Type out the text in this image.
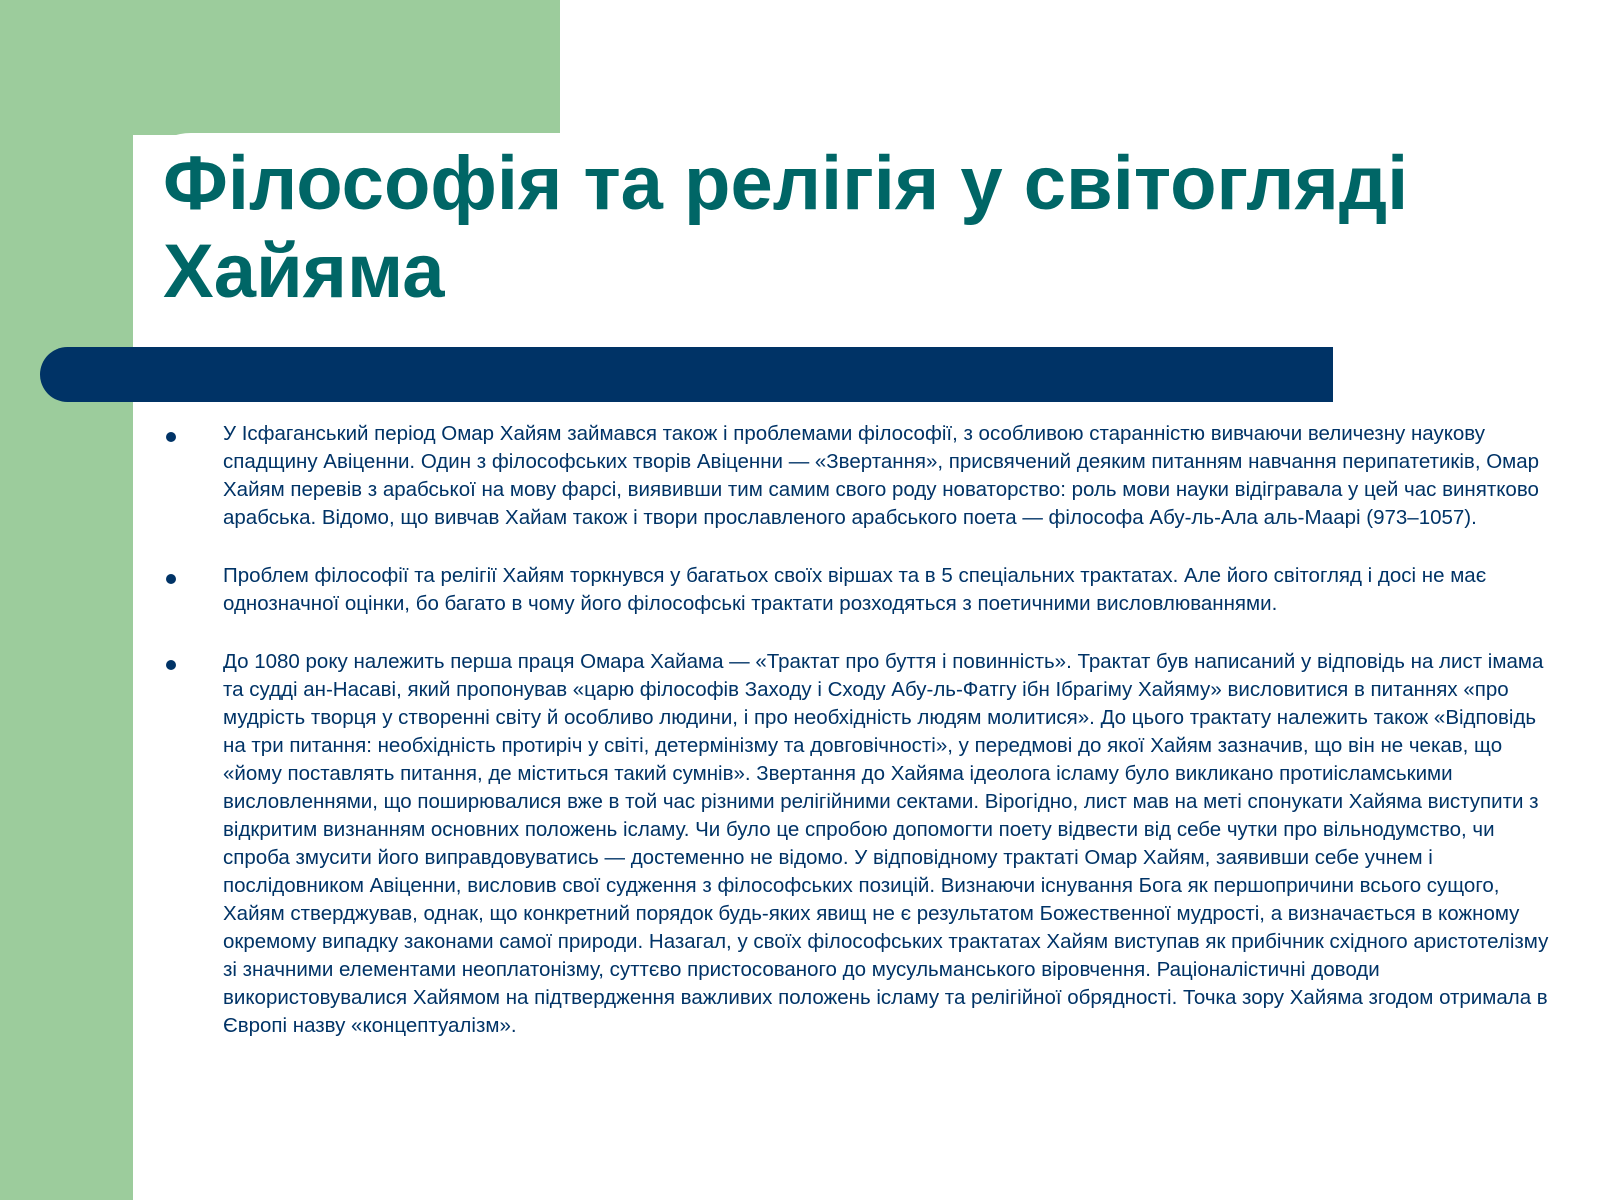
Філософія та релігія у світогляді Хайяма
У Ісфаганський період Омар Хайям займався також і проблемами філософії, з особливою старанністю вивчаючи величезну наукову спадщину Авіценни. Один з філософських творів Авіценни — «Звертання», присвячений деяким питанням навчання перипатетиків, Омар Хайям перевів з арабської на мову фарсі, виявивши тим самим свого роду новаторство: роль мови науки відігравала у цей час винятково арабська. Відомо, що вивчав Хайам також і твори прославленого арабського поета — філософа Абу-ль-Ала аль-Маарі (973–1057).
Проблем філософії та релігії Хайям торкнувся у багатьох своїх віршах та в 5 спеціальних трактатах. Але його світогляд і досі не має однозначної оцінки, бо багато в чому його філософські трактати розходяться з поетичними висловлюваннями.
До 1080 року належить перша праця Омара Хайама — «Трактат про буття і повинність». Трактат був написаний у відповідь на лист імама та судді ан-Насаві, який пропонував «царю філософів Заходу і Сходу Абу-ль-Фатгу ібн Ібрагіму Хайяму» висловитися в питаннях «про мудрість творця у створенні світу й особливо людини, і про необхідність людям молитися». До цього трактату належить також «Відповідь на три питання: необхідність протиріч у світі, детермінізму та довговічності», у передмові до якої Хайям зазначив, що він не чекав, що «йому поставлять питання, де міститься такий сумнів». Звертання до Хайяма ідеолога ісламу було викликано протиісламськими висловленнями, що поширювалися вже в той час різними релігійними сектами. Вірогідно, лист мав на меті спонукати Хайяма виступити з відкритим визнанням основних положень ісламу. Чи було це спробою допомогти поету відвести від себе чутки про вільнодумство, чи спроба змусити його виправдовуватись — достеменно не відомо. У відповідному трактаті Омар Хайям, заявивши себе учнем і послідовником Авіценни, висловив свої судження з філософських позицій. Визнаючи існування Бога як першопричини всього сущого, Хайям стверджував, однак, що конкретний порядок будь-яких явищ не є результатом Божественної мудрості, а визначається в кожному окремому випадку законами самої природи. Назагал, у своїх філософських трактатах Хайям виступав як прибічник східного аристотелізму зі значними елементами неоплатонізму, суттєво пристосованого до мусульманського віровчення. Раціоналістичні доводи використовувалися Хайямом на підтвердження важливих положень ісламу та релігійної обрядності. Точка зору Хайяма згодом отримала в Європі назву «концептуалізм».
